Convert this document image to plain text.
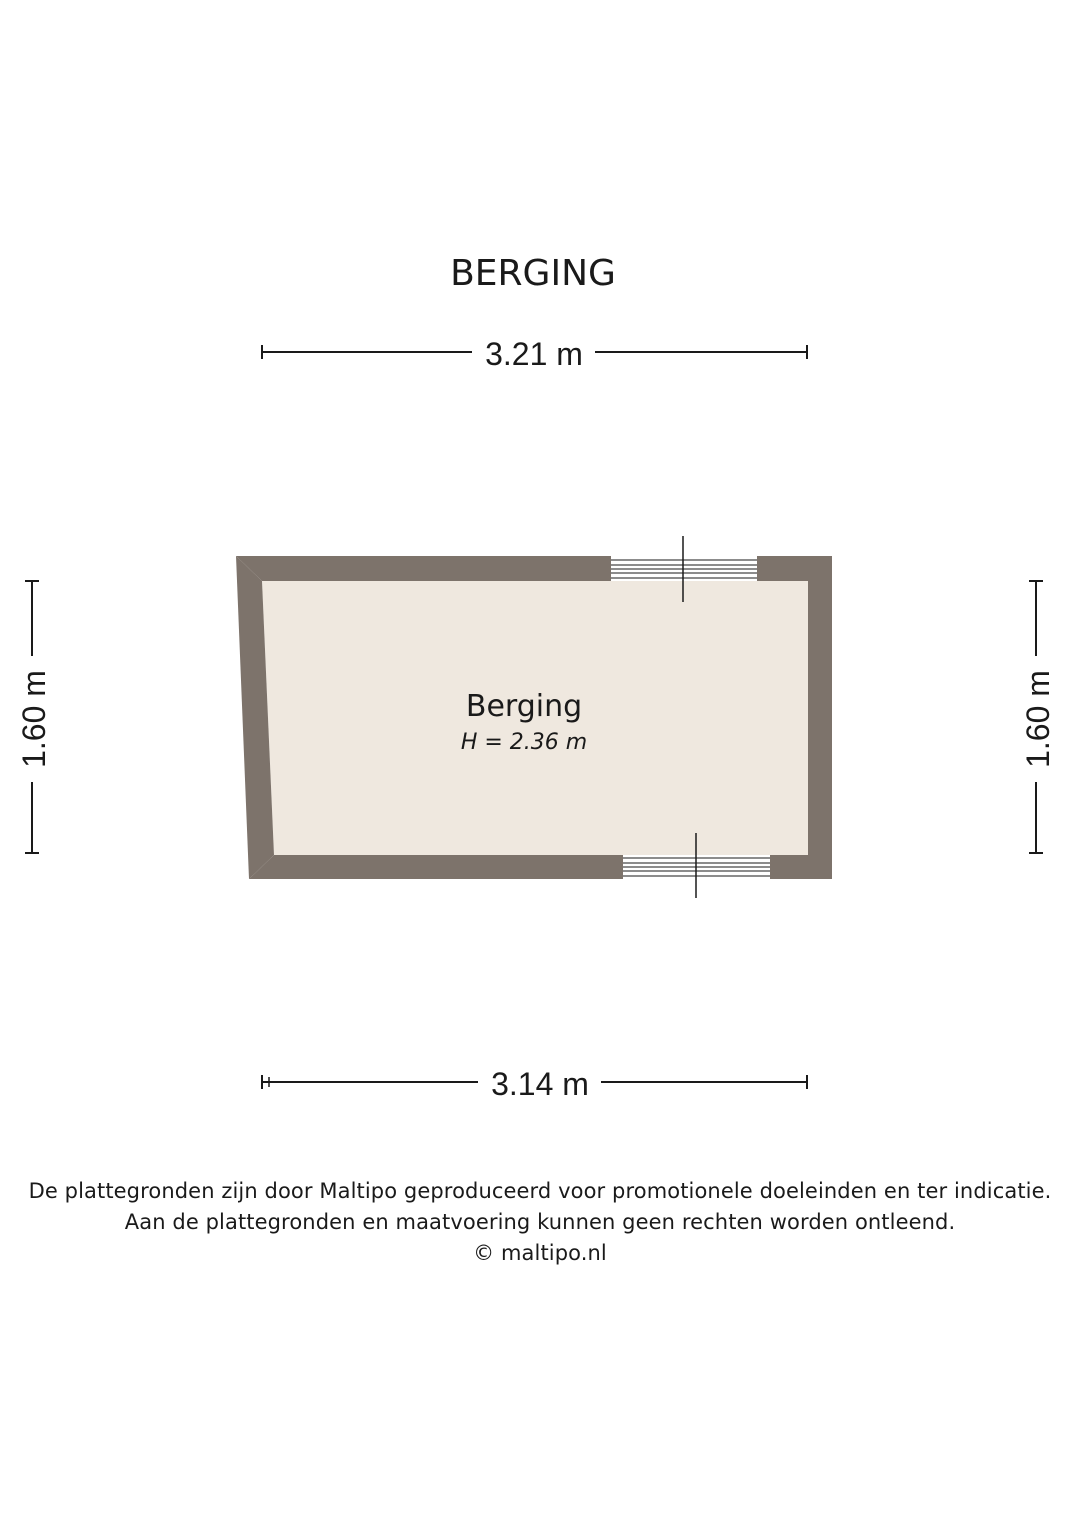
BERGING
3.21 m
3.14 m
1.60 m	1.60 m
Berging
H = 2.36 m
De plattegronden zijn door Maltipo geproduceerd voor promotionele doeleinden en ter indicatie.
Aan de plattegronden en maatvoering kunnen geen rechten worden ontleend.
© maltipo.nl
